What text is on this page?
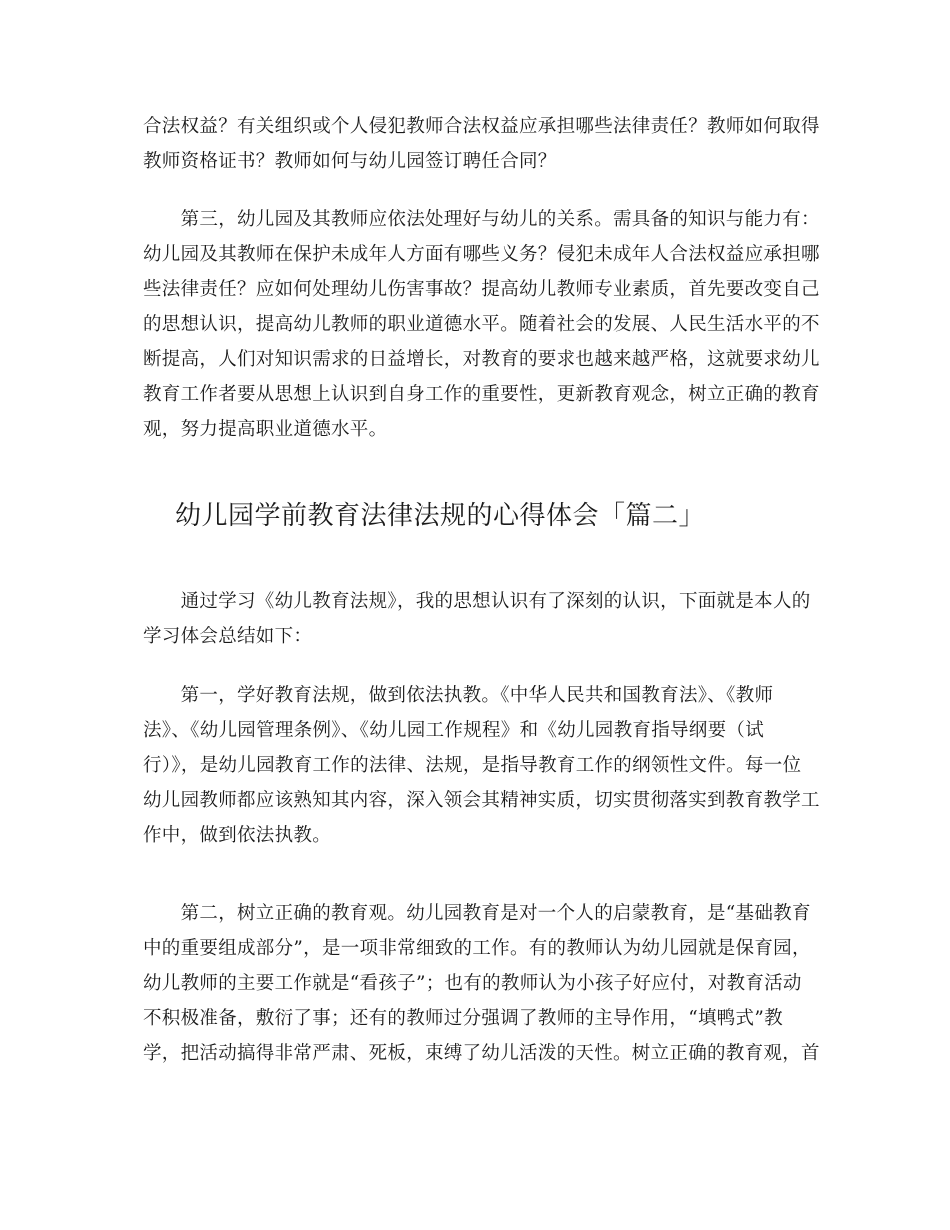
合法权益？有关组织或个人侵犯教师合法权益应承担哪些法律责任？教师如何取得
教师资格证书？教师如何与幼儿园签订聘任合同？
　　第三，幼儿园及其教师应依法处理好与幼儿的关系。需具备的知识与能力有：
幼儿园及其教师在保护未成年人方面有哪些义务？侵犯未成年人合法权益应承担哪
些法律责任？应如何处理幼儿伤害事故？提高幼儿教师专业素质，首先要改变自己
的思想认识，提高幼儿教师的职业道德水平。随着社会的发展、人民生活水平的不
断提高，人们对知识需求的日益增长，对教育的要求也越来越严格，这就要求幼儿
教育工作者要从思想上认识到自身工作的重要性，更新教育观念，树立正确的教育
观，努力提高职业道德水平。
幼儿园学前教育法律法规的心得体会「篇二」
　　通过学习《幼儿教育法规》，我的思想认识有了深刻的认识，下面就是本人的
学习体会总结如下：
　　第一，学好教育法规，做到依法执教。《中华人民共和国教育法》、《教师
法》、《幼儿园管理条例》、《幼儿园工作规程》和《幼儿园教育指导纲要（试
行）》，是幼儿园教育工作的法律、法规，是指导教育工作的纲领性文件。每一位
幼儿园教师都应该熟知其内容，深入领会其精神实质，切实贯彻落实到教育教学工
作中，做到依法执教。
　　第二，树立正确的教育观。幼儿园教育是对一个人的启蒙教育，是“基础教育
中的重要组成部分”，是一项非常细致的工作。有的教师认为幼儿园就是保育园，
幼儿教师的主要工作就是“看孩子”；也有的教师认为小孩子好应付，对教育活动
不积极准备，敷衍了事；还有的教师过分强调了教师的主导作用，“填鸭式”教
学，把活动搞得非常严肃、死板，束缚了幼儿活泼的天性。树立正确的教育观，首
